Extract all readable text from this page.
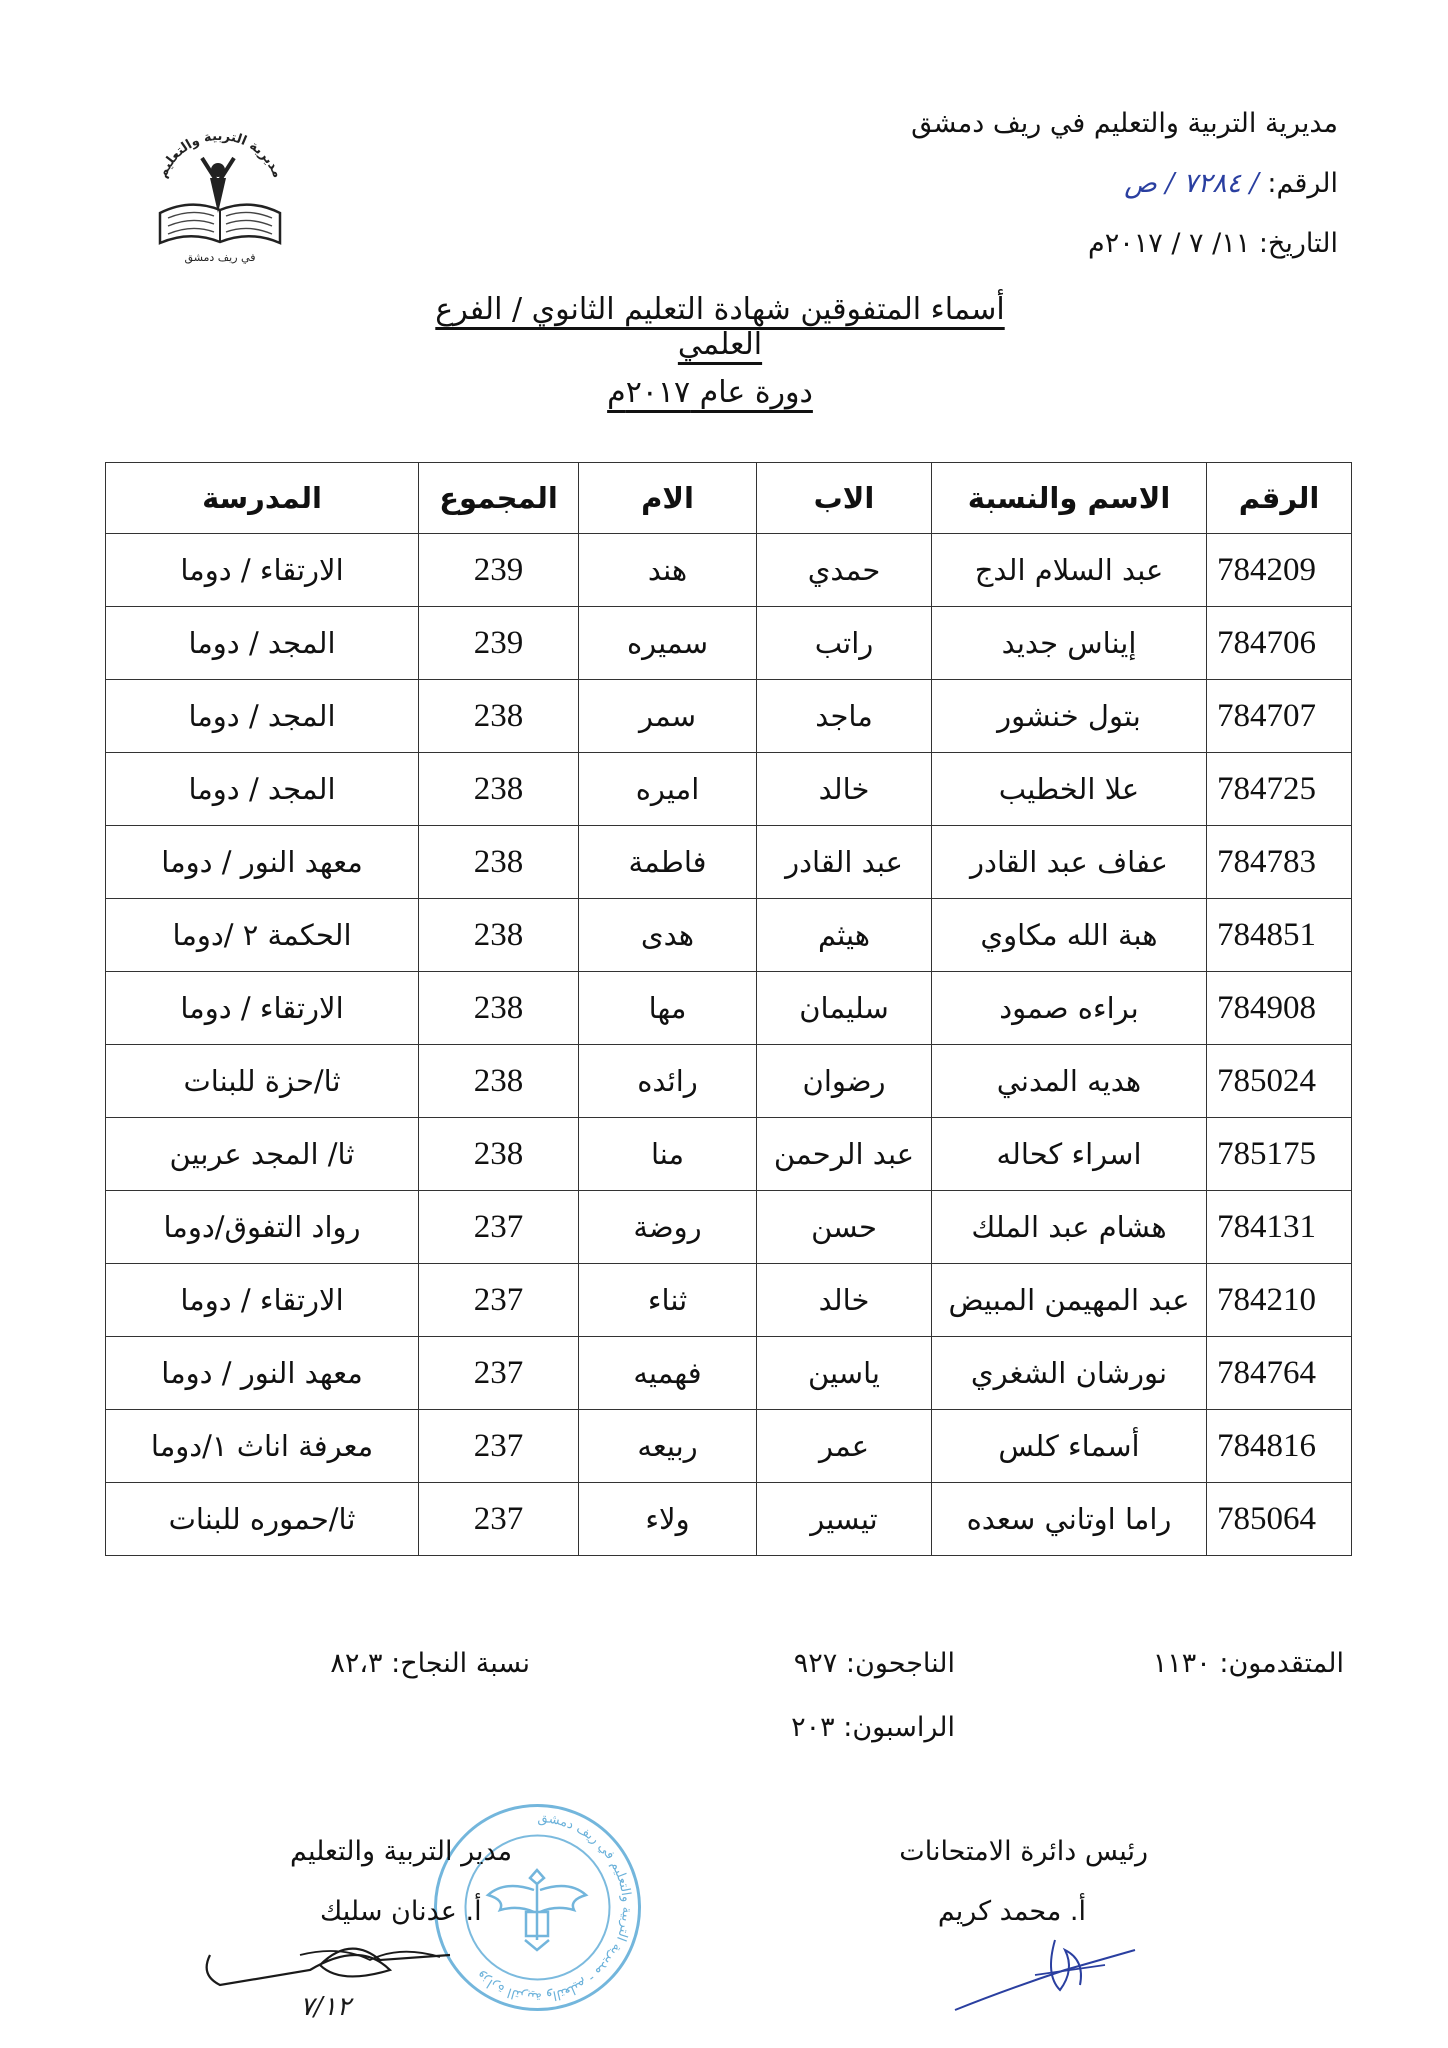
مديرية التربية والتعليم في ريف دمشق
الرقم: / ٧٢٨٤ / ص
التاريخ: ١١/ ٧ / ٢٠١٧م
مديرية التربية والتعليم
في ريف دمشق
أسماء المتفوقين شهادة التعليم الثانوي / الفرع العلمي
دورة عام ٢٠١٧م
الرقم	الاسم والنسبة	الاب	الام	المجموع	المدرسة
784209	عبد السلام الدج	حمدي	هند	239	الارتقاء / دوما
784706	إيناس جديد	راتب	سميره	239	المجد / دوما
784707	بتول خنشور	ماجد	سمر	238	المجد / دوما
784725	علا الخطيب	خالد	اميره	238	المجد / دوما
784783	عفاف عبد القادر	عبد القادر	فاطمة	238	معهد النور / دوما
784851	هبة الله مكاوي	هيثم	هدى	238	الحكمة ٢ /دوما
784908	براءه صمود	سليمان	مها	238	الارتقاء / دوما
785024	هديه المدني	رضوان	رائده	238	ثا/حزة للبنات
785175	اسراء كحاله	عبد الرحمن	منا	238	ثا/ المجد عربين
784131	هشام عبد الملك	حسن	روضة	237	رواد التفوق/دوما
784210	عبد المهيمن المبيض	خالد	ثناء	237	الارتقاء / دوما
784764	نورشان الشغري	ياسين	فهميه	237	معهد النور / دوما
784816	أسماء كلس	عمر	ربيعه	237	معرفة اناث ١/دوما
785064	راما اوتاني سعده	تيسير	ولاء	237	ثا/حموره للبنات
المتقدمون: ١١٣٠
الناجحون: ٩٢٧
نسبة النجاح: ٨٢،٣
الراسبون: ٢٠٣
وزارة التربية والتعليم - مديرية التربية والتعليم في ريف دمشق
رئيس دائرة الامتحانات
أ. محمد كريم
مدير التربية والتعليم
أ. عدنان سليك
٧/١٢
